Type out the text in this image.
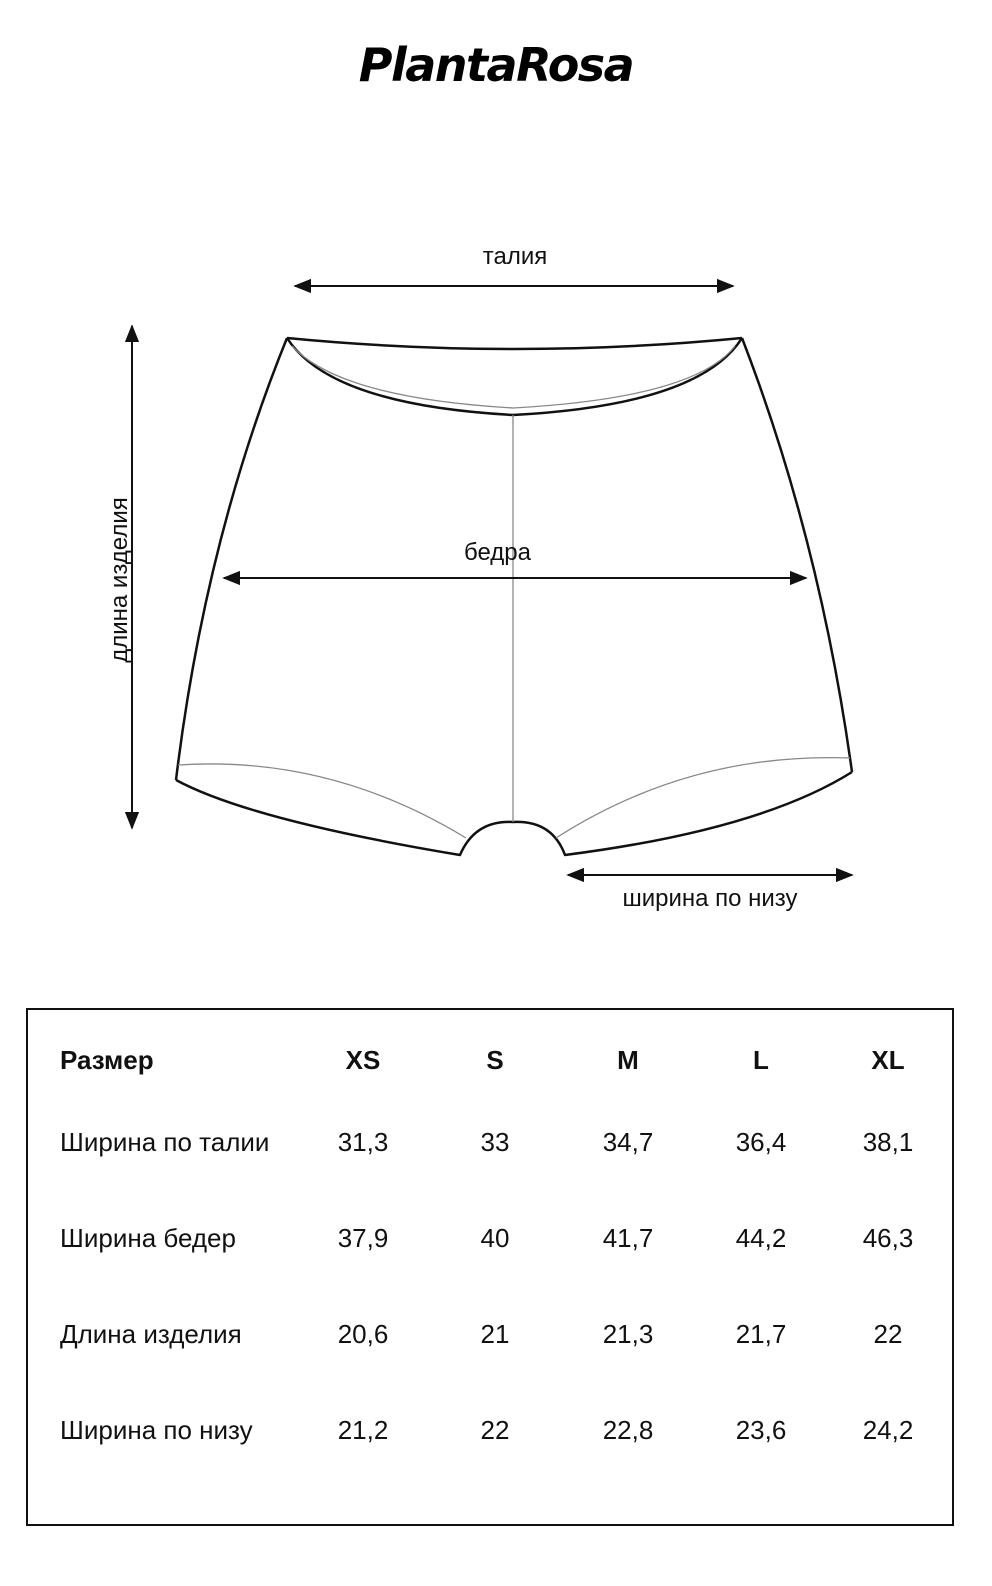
PlantaRosa
талия
бедра
длина изделия
ширина по низу
Размер	XS	S	M	L	XL
Ширина по талии	31,3	33	34,7	36,4	38,1
Ширина бедер	37,9	40	41,7	44,2	46,3
Длина изделия	20,6	21	21,3	21,7	22
Ширина по низу	21,2	22	22,8	23,6	24,2
